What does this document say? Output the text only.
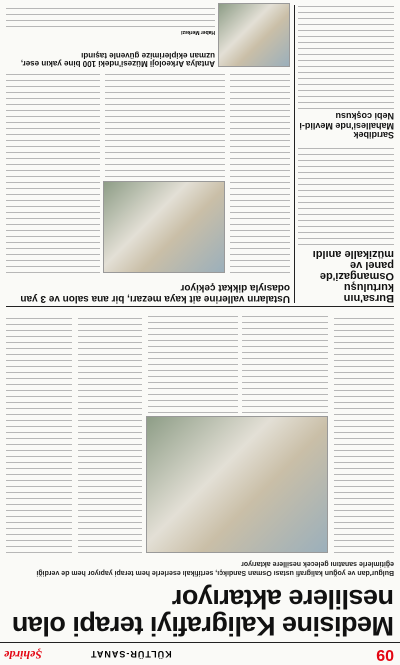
09
KÜLTÜR-SANAT
Şehirde
Medisine Kaligrafiyi terapi olan neslilere aktarıyor
Bulgur'dan ve yoğun kaligrafi ustası Osman Sandıkçı, sertifikalı eserlerle hem terapi yapıyor hem de verdiği eğitimlerle sanatını gelecek nesillere aktarıyor
Ustaların vallerine ait kaya mezarı, bir ana salon ve 3 yan odasıyla dikkat çekiyor
Bursa'nın kurtuluşu Osmangazi'de panel ve müzikalle anıldı
Sarıdibek Mahallesi'nde Mevlid-i Nebi coşkusu
Antalya Arkeoloji Müzesi'ndeki 100 bine yakın eser, uzman ekiplerimize güvenle taşındı
Haber Merkezi
